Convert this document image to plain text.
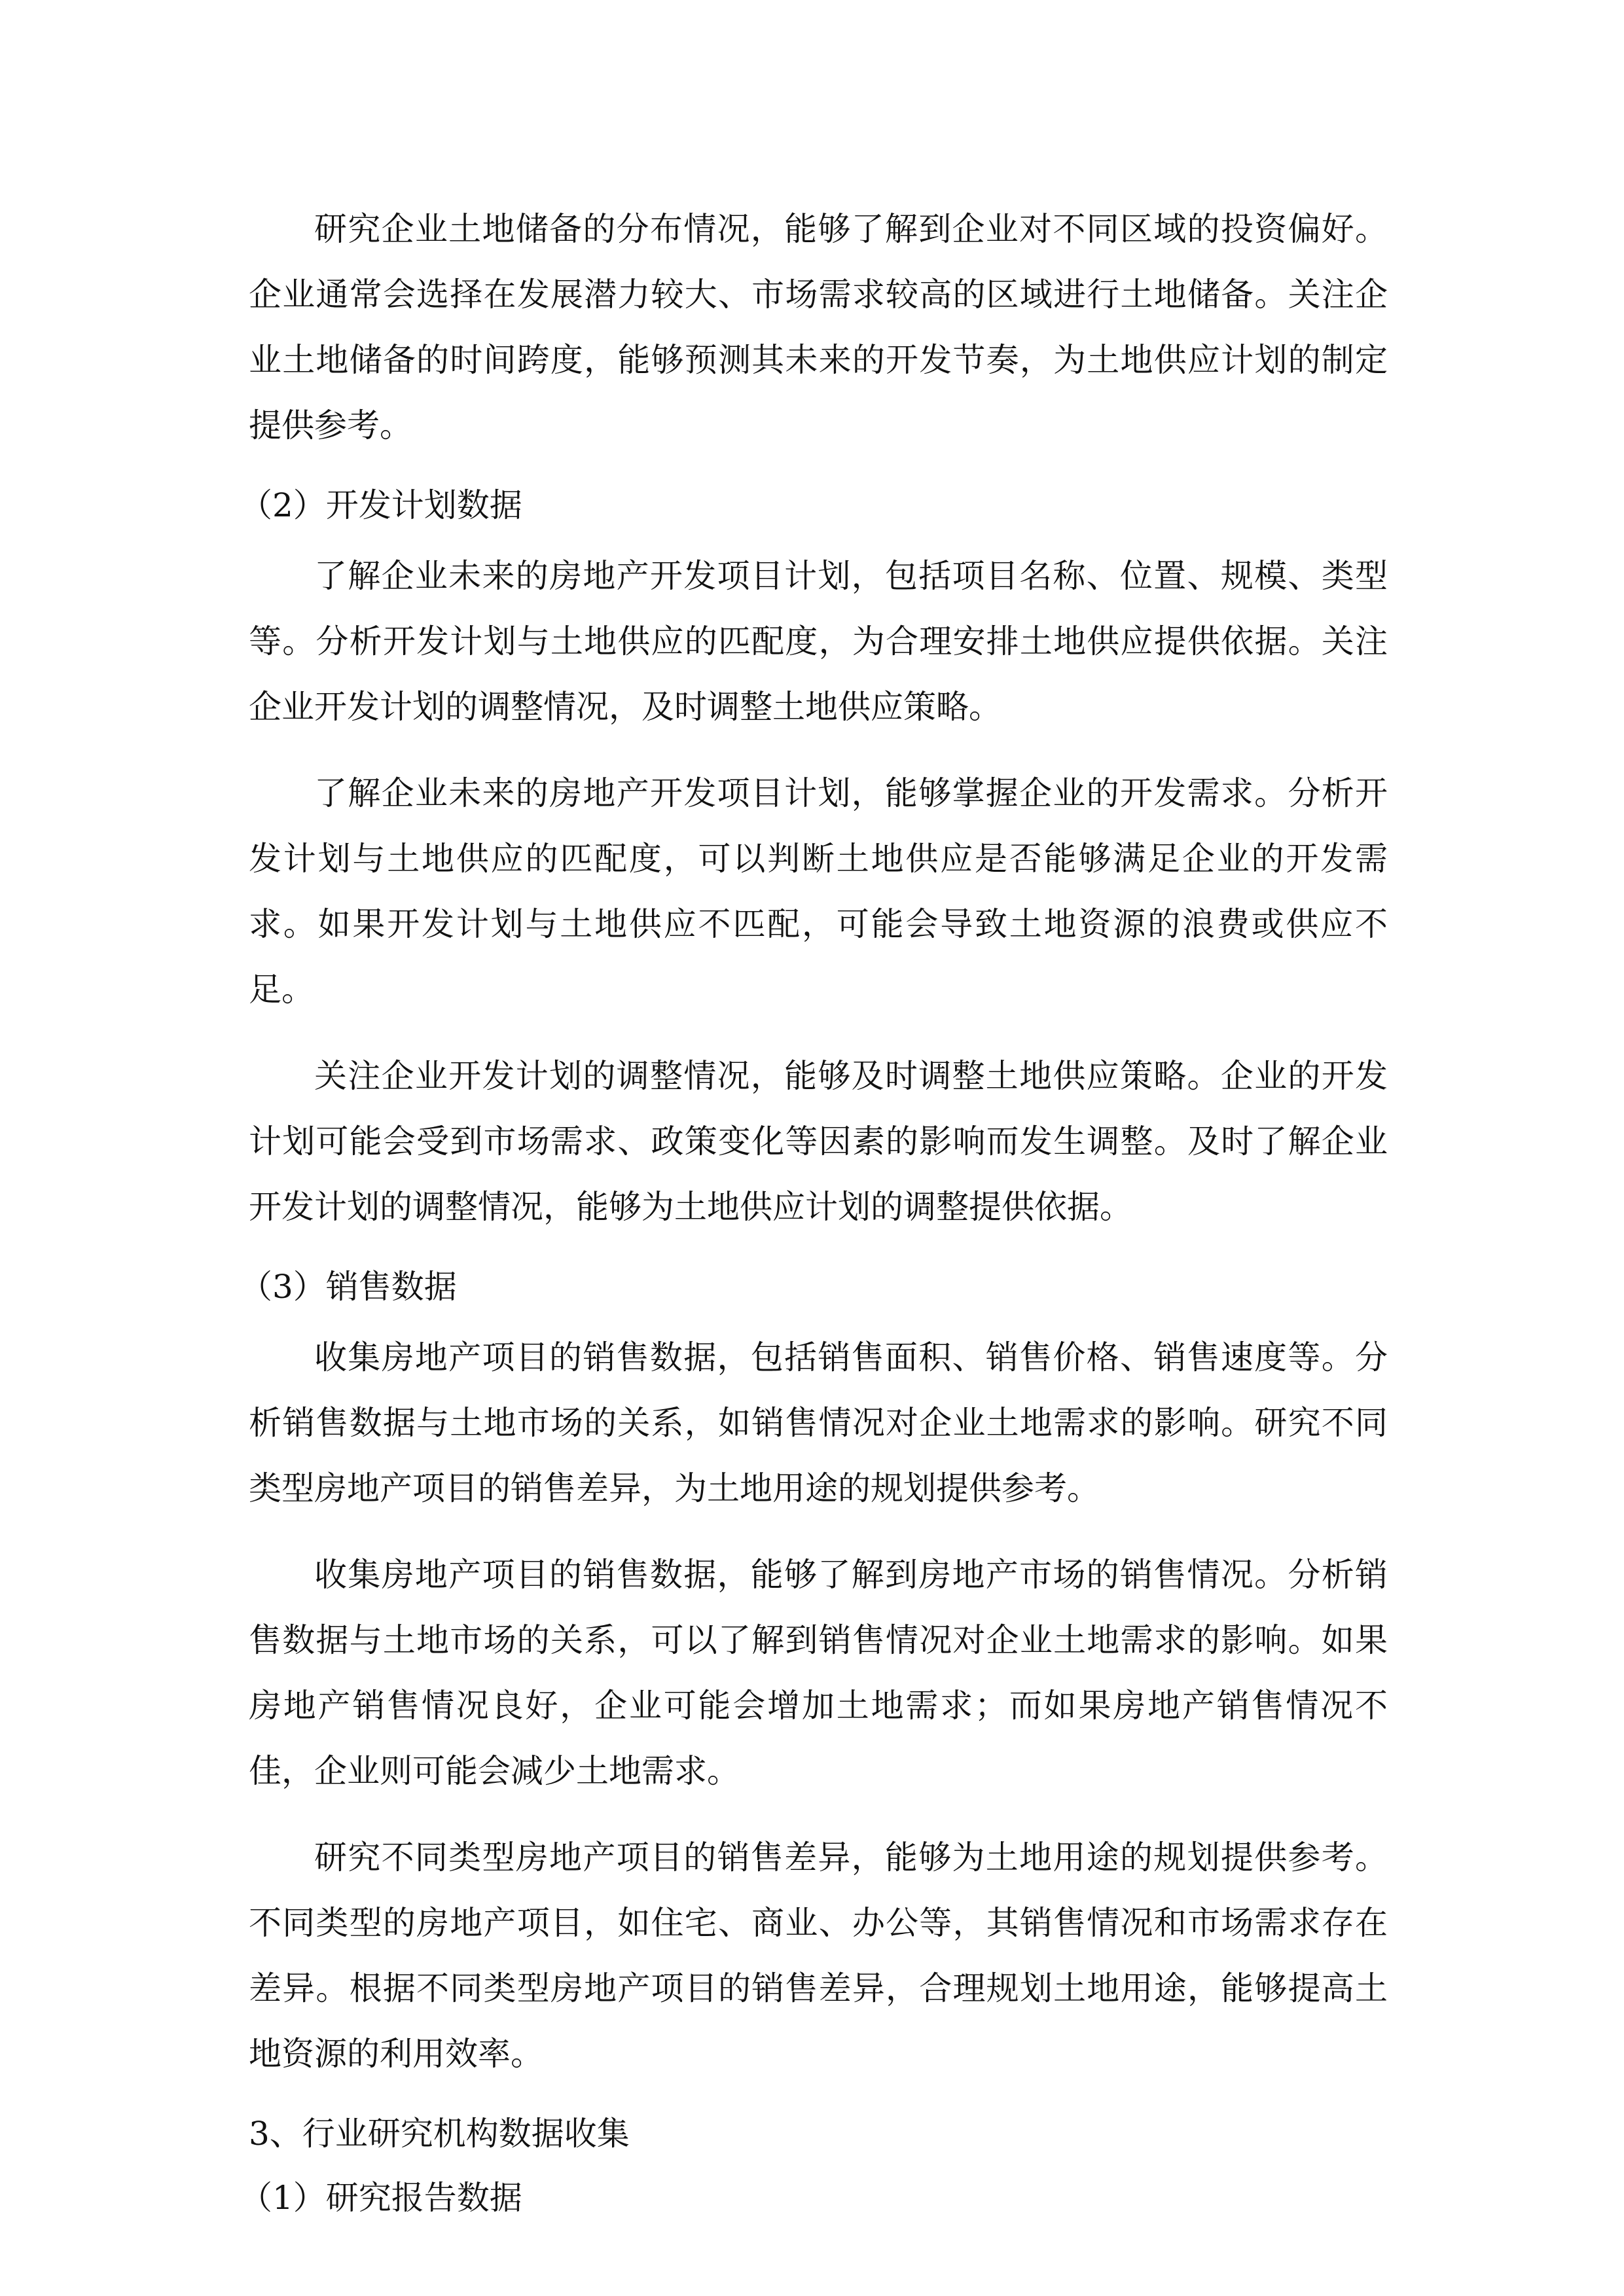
研究企业土地储备的分布情况，能够了解到企业对不同区域的投资偏好。企业通常会选择在发展潜力较大、市场需求较高的区域进行土地储备。关注企业土地储备的时间跨度，能够预测其未来的开发节奏，为土地供应计划的制定提供参考。

（2）开发计划数据

了解企业未来的房地产开发项目计划，包括项目名称、位置、规模、类型等。分析开发计划与土地供应的匹配度，为合理安排土地供应提供依据。关注企业开发计划的调整情况，及时调整土地供应策略。

了解企业未来的房地产开发项目计划，能够掌握企业的开发需求。分析开发计划与土地供应的匹配度，可以判断土地供应是否能够满足企业的开发需求。如果开发计划与土地供应不匹配，可能会导致土地资源的浪费或供应不足。

关注企业开发计划的调整情况，能够及时调整土地供应策略。企业的开发计划可能会受到市场需求、政策变化等因素的影响而发生调整。及时了解企业开发计划的调整情况，能够为土地供应计划的调整提供依据。

（3）销售数据

收集房地产项目的销售数据，包括销售面积、销售价格、销售速度等。分析销售数据与土地市场的关系，如销售情况对企业土地需求的影响。研究不同类型房地产项目的销售差异，为土地用途的规划提供参考。

收集房地产项目的销售数据，能够了解到房地产市场的销售情况。分析销售数据与土地市场的关系，可以了解到销售情况对企业土地需求的影响。如果房地产销售情况良好，企业可能会增加土地需求；而如果房地产销售情况不佳，企业则可能会减少土地需求。

研究不同类型房地产项目的销售差异，能够为土地用途的规划提供参考。不同类型的房地产项目，如住宅、商业、办公等，其销售情况和市场需求存在差异。根据不同类型房地产项目的销售差异，合理规划土地用途，能够提高土地资源的利用效率。

3、行业研究机构数据收集
（1）研究报告数据
